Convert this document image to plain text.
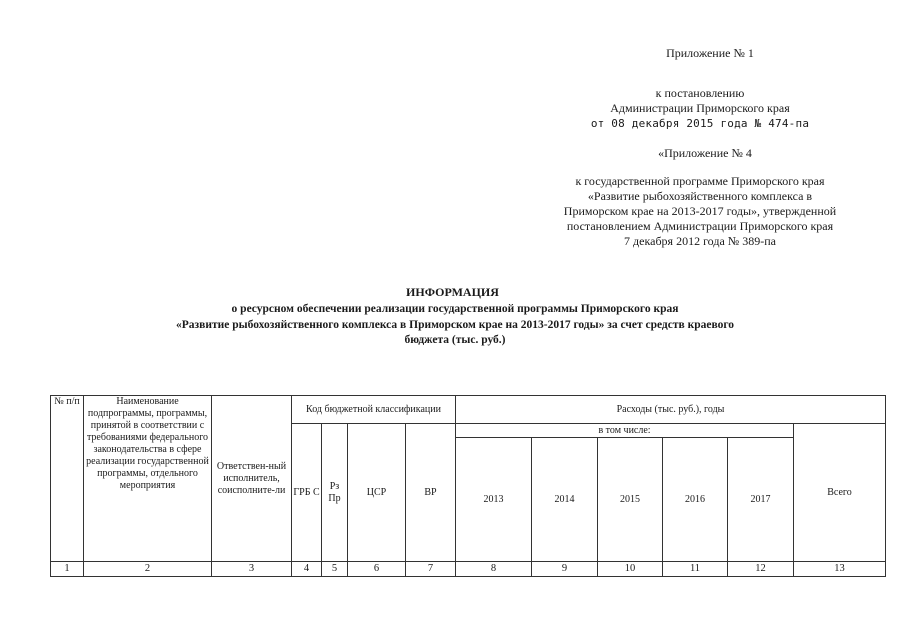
Приложение № 1
к постановлению
Администрации Приморского края
от 08 декабря 2015 года № 474-па
«Приложение № 4
к государственной программе Приморского края
«Развитие рыбохозяйственного комплекса в
Приморском крае на 2013-2017 годы», утвержденной
постановлением Администрации Приморского края
7 декабря 2012 года № 389-па
ИНФОРМАЦИЯ
о ресурсном обеспечении реализации государственной программы Приморского края
«Развитие рыбохозяйственного комплекса в Приморском крае на 2013-2017 годы» за счет средств краевого
бюджета (тыс. руб.)
№ п/п	Наименование подпрограммы, программы, принятой в соответствии с требованиями федерального законодательства в сфере реализации государственной программы, отдельного мероприятия	Ответствен-ный исполнитель, соисполните-ли	Код бюджетной классификации				Расходы (тыс. руб.), годы					
			ГРБ С	Рз Пр	ЦСР	ВР	в том числе:					Всего
							2013	2014	2015	2016	2017	
1	2	3	4	5	6	7	8	9	10	11	12	13
